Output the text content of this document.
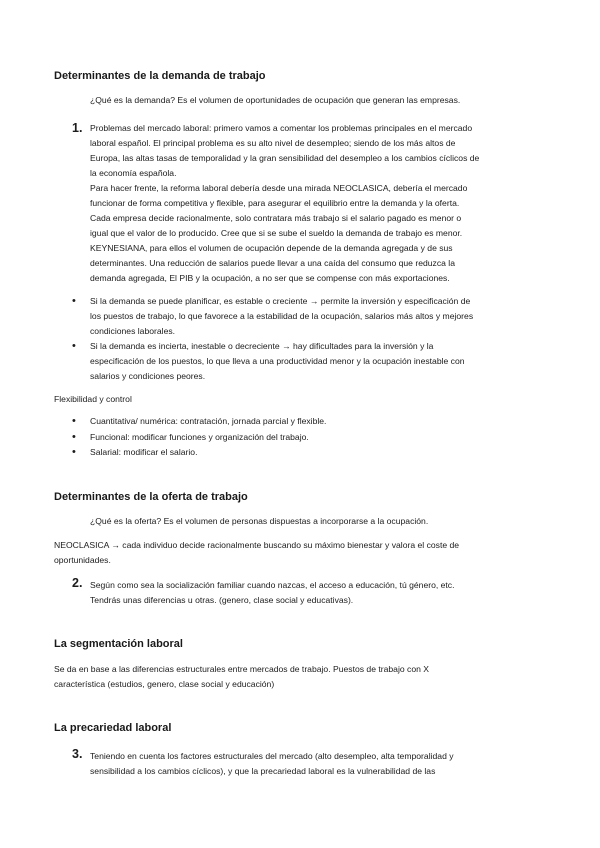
Determinantes de la demanda de trabajo
¿Qué es la demanda? Es el volumen de oportunidades de ocupación que generan las empresas.
1. Problemas del mercado laboral: primero vamos a comentar los problemas principales en el mercado
laboral español. El principal problema es su alto nivel de desempleo; siendo de los más altos de
Europa, las altas tasas de temporalidad y la gran sensibilidad del desempleo a los cambios cíclicos de
la economía española.
Para hacer frente, la reforma laboral debería desde una mirada NEOCLASICA, debería el mercado
funcionar de forma competitiva y flexible, para asegurar el equilibrio entre la demanda y la oferta.
Cada empresa decide racionalmente, solo contratara más trabajo si el salario pagado es menor o
igual que el valor de lo producido. Cree que si se sube el sueldo la demanda de trabajo es menor.
KEYNESIANA, para ellos el volumen de ocupación depende de la demanda agregada y de sus
determinantes. Una reducción de salarios puede llevar a una caída del consumo que reduzca la
demanda agregada, El PIB y la ocupación, a no ser que se compense con más exportaciones.
• Si la demanda se puede planificar, es estable o creciente → permite la inversión y especificación de
los puestos de trabajo, lo que favorece a la estabilidad de la ocupación, salarios más altos y mejores
condiciones laborales.
• Si la demanda es incierta, inestable o decreciente → hay dificultades para la inversión y la
especificación de los puestos, lo que lleva a una productividad menor y la ocupación inestable con
salarios y condiciones peores.
Flexibilidad y control
• Cuantitativa/ numérica: contratación, jornada parcial y flexible.
• Funcional: modificar funciones y organización del trabajo.
• Salarial: modificar el salario.
Determinantes de la oferta de trabajo
¿Qué es la oferta? Es el volumen de personas dispuestas a incorporarse a la ocupación.
NEOCLASICA → cada individuo decide racionalmente buscando su máximo bienestar y valora el coste de
oportunidades.
2. Según como sea la socialización familiar cuando nazcas, el acceso a educación, tú género, etc.
Tendrás unas diferencias u otras. (genero, clase social y educativas).
La segmentación laboral
Se da en base a las diferencias estructurales entre mercados de trabajo. Puestos de trabajo con X
característica (estudios, genero, clase social y educación)
La precariedad laboral
3. Teniendo en cuenta los factores estructurales del mercado (alto desempleo, alta temporalidad y
sensibilidad a los cambios cíclicos), y que la precariedad laboral es la vulnerabilidad de las
